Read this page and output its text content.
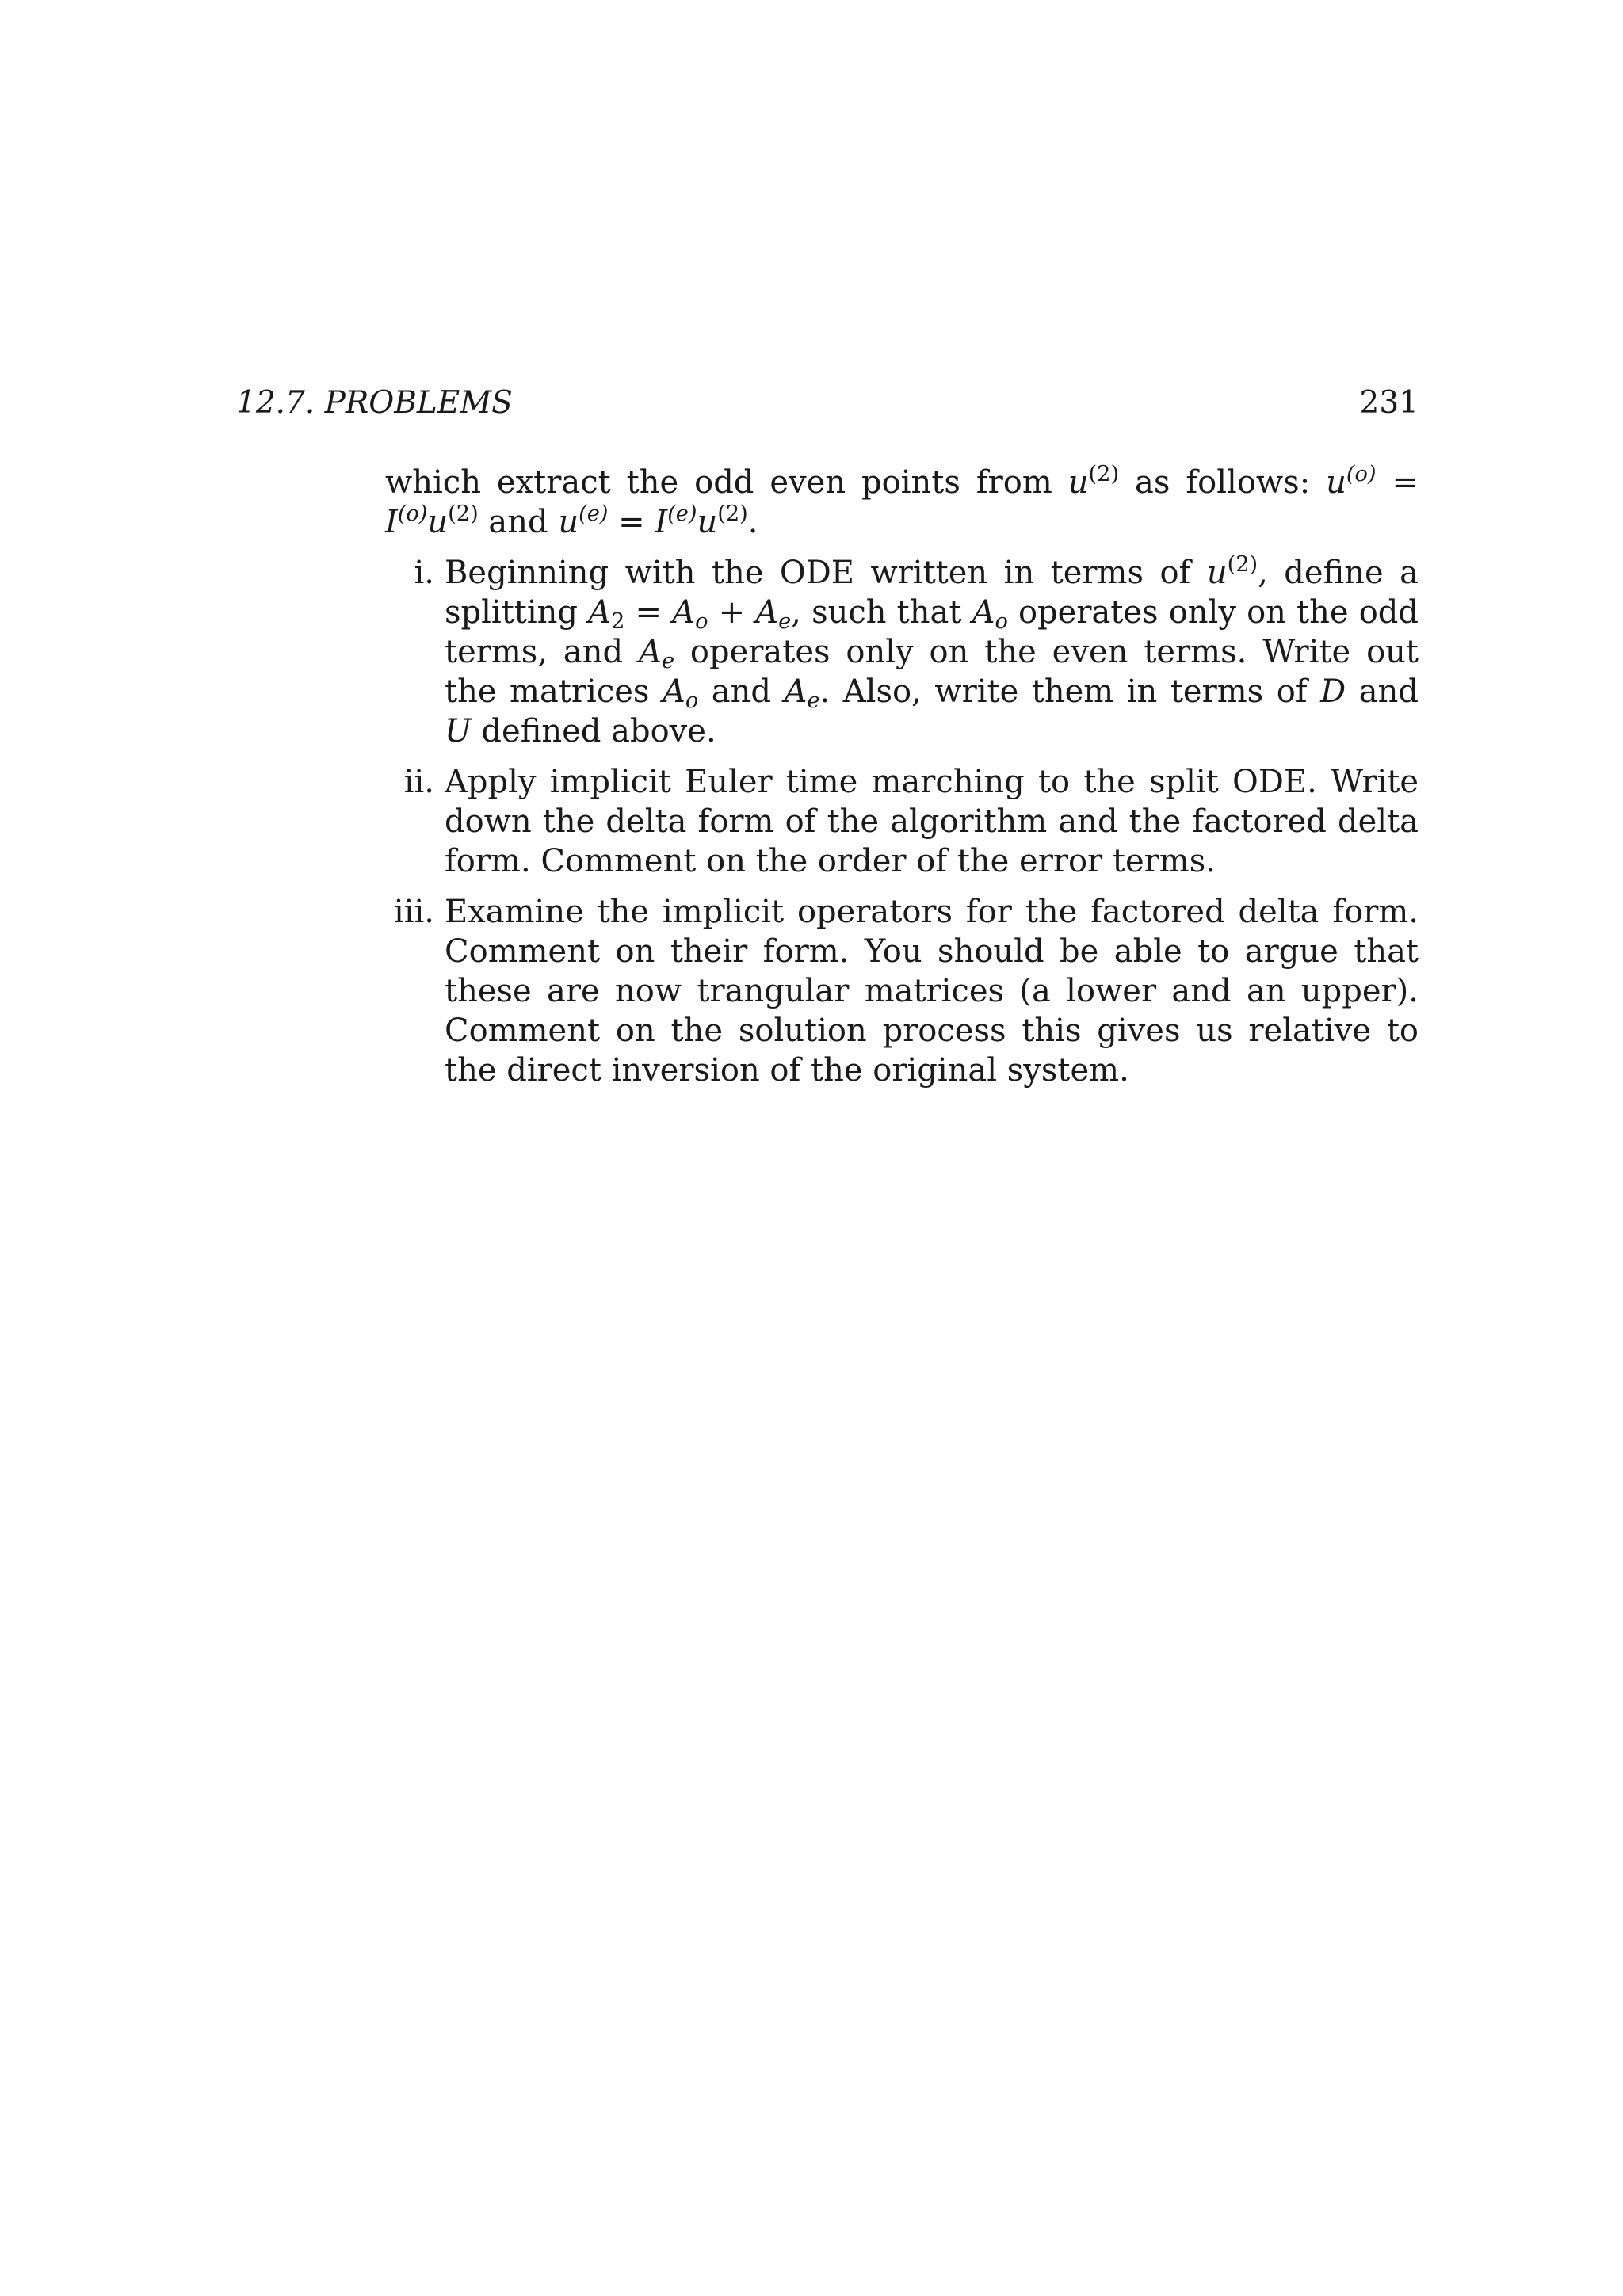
12.7. PROBLEMS	231

which extract the odd even points from $u^{(2)}$ as follows: $u^{(o)} = I^{(o)}u^{(2)}$ and $u^{(e)} = I^{(e)}u^{(2)}$.

i. Beginning with the ODE written in terms of $u^{(2)}$, define a splitting $A_2 = A_o + A_e$, such that $A_o$ operates only on the odd terms, and $A_e$ operates only on the even terms. Write out the matrices $A_o$ and $A_e$. Also, write them in terms of D and U defined above.
ii. Apply implicit Euler time marching to the split ODE. Write down the delta form of the algorithm and the factored delta form. Comment on the order of the error terms.
iii. Examine the implicit operators for the factored delta form. Comment on their form. You should be able to argue that these are now trangular matrices (a lower and an upper). Comment on the solution process this gives us relative to the direct inversion of the original system.
